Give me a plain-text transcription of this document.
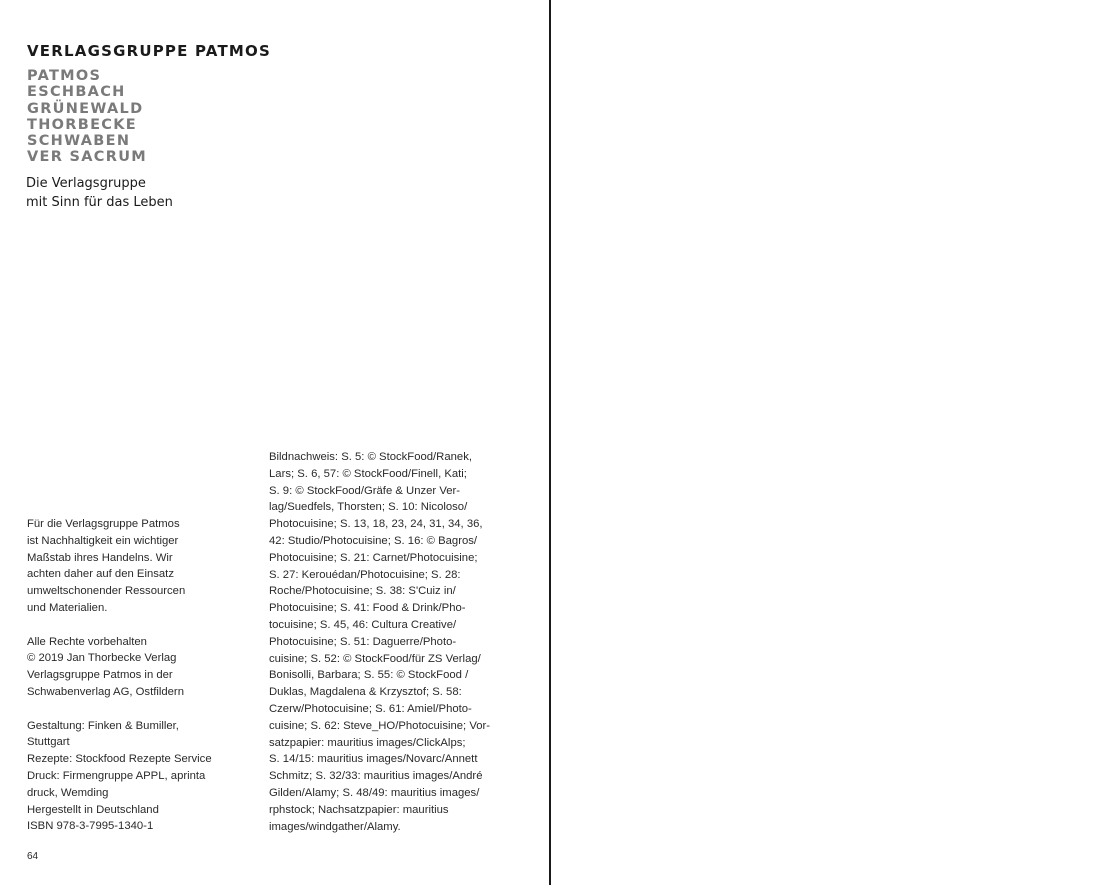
VERLAGSGRUPPE PATMOS
PATMOS
ESCHBACH
GRÜNEWALD
THORBECKE
SCHWABEN
VER SACRUM

Die Verlagsgruppe
mit Sinn für das Leben

Für die Verlagsgruppe Patmos
ist Nachhaltigkeit ein wichtiger
Maßstab ihres Handelns. Wir
achten daher auf den Einsatz
umweltschonender Ressourcen
und Materialien.

Alle Rechte vorbehalten
© 2019 Jan Thorbecke Verlag
Verlagsgruppe Patmos in der
Schwabenverlag AG, Ostfildern

Gestaltung: Finken & Bumiller,
Stuttgart
Rezepte: Stockfood Rezepte Service
Druck: Firmengruppe APPL, aprinta
druck, Wemding
Hergestellt in Deutschland
ISBN 978-3-7995-1340-1

Bildnachweis: S. 5: © StockFood/Ranek,
Lars; S. 6, 57: © StockFood/Finell, Kati;
S. 9: © StockFood/Gräfe & Unzer Ver-
lag/Suedfels, Thorsten; S. 10: Nicoloso/
Photocuisine; S. 13, 18, 23, 24, 31, 34, 36,
42: Studio/Photocuisine; S. 16: © Bagros/
Photocuisine; S. 21: Carnet/Photocuisine;
S. 27: Kerouédan/Photocuisine; S. 28:
Roche/Photocuisine; S. 38: S'Cuiz in/
Photocuisine; S. 41: Food & Drink/Pho-
tocuisine; S. 45, 46: Cultura Creative/
Photocuisine; S. 51: Daguerre/Photo-
cuisine; S. 52: © StockFood/für ZS Verlag/
Bonisolli, Barbara; S. 55: © StockFood /
Duklas, Magdalena & Krzysztof; S. 58:
Czerw/Photocuisine; S. 61: Amiel/Photo-
cuisine; S. 62: Steve_HO/Photocuisine; Vor-
satzpapier: mauritius images/ClickAlps;
S. 14/15: mauritius images/Novarc/Annett
Schmitz; S. 32/33: mauritius images/André
Gilden/Alamy; S. 48/49: mauritius images/
rphstock; Nachsatzpapier: mauritius
images/windgather/Alamy.
64
